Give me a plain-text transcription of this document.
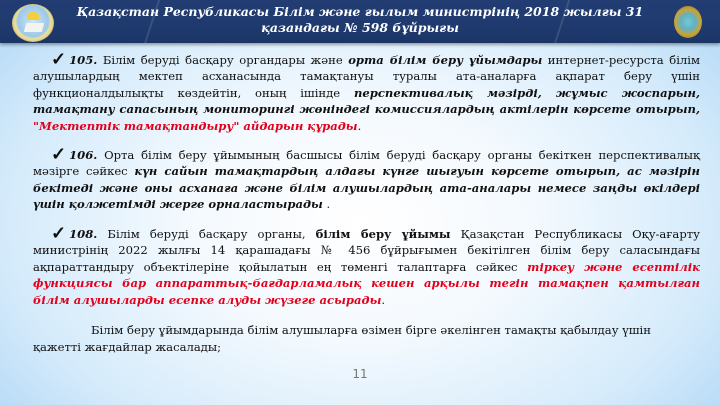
Қазақстан Республикасы Білім және ғылым министрінің 2018 жылғы 31
қазандағы № 598 бұйрығы
✓ 105. Білім беруді басқару органдары және орта білім беру ұйымдары интернет-ресурста білім алушылардың мектеп асханасында тамақтануы туралы ата-аналарға ақпарат беру үшін функционалдылықты көздейтін, оның ішінде перспективалық мәзірді, жұмыс жоспарын, тамақтану сапасының мониторингі жөніндегі комиссиялардың актілерін көрсете отырып, "Мектептік тамақтандыру" айдарын құрады.
✓ 106. Орта білім беру ұйымының басшысы білім беруді басқару органы бекіткен перспективалық мәзірге сәйкес күн сайын тамақтардың алдағы күнге шығуын көрсете отырып, ас мәзірін бекітеді және оны асханаға және білім алушылардың ата-аналары немесе заңды өкілдері үшін қолжетімді жерге орналастырады .
✓ 108. Білім беруді басқару органы, білім беру ұйымы Қазақстан Республикасы Оқу-ағарту министрінің 2022 жылғы 14 қарашадағы № 456 бұйрығымен бекітілген білім беру саласындағы ақпараттандыру объектілеріне қойылатын ең төменгі талаптарға сәйкес тіркеу және есептілік функциясы бар аппараттық-бағдарламалық кешен арқылы тегін тамақпен қамтылған білім алушыларды есепке алуды жүзеге асырады.
Білім беру ұйымдарында білім алушыларға өзімен бірге әкелінген тамақты қабылдау үшін қажетті жағдайлар жасалады;
11
